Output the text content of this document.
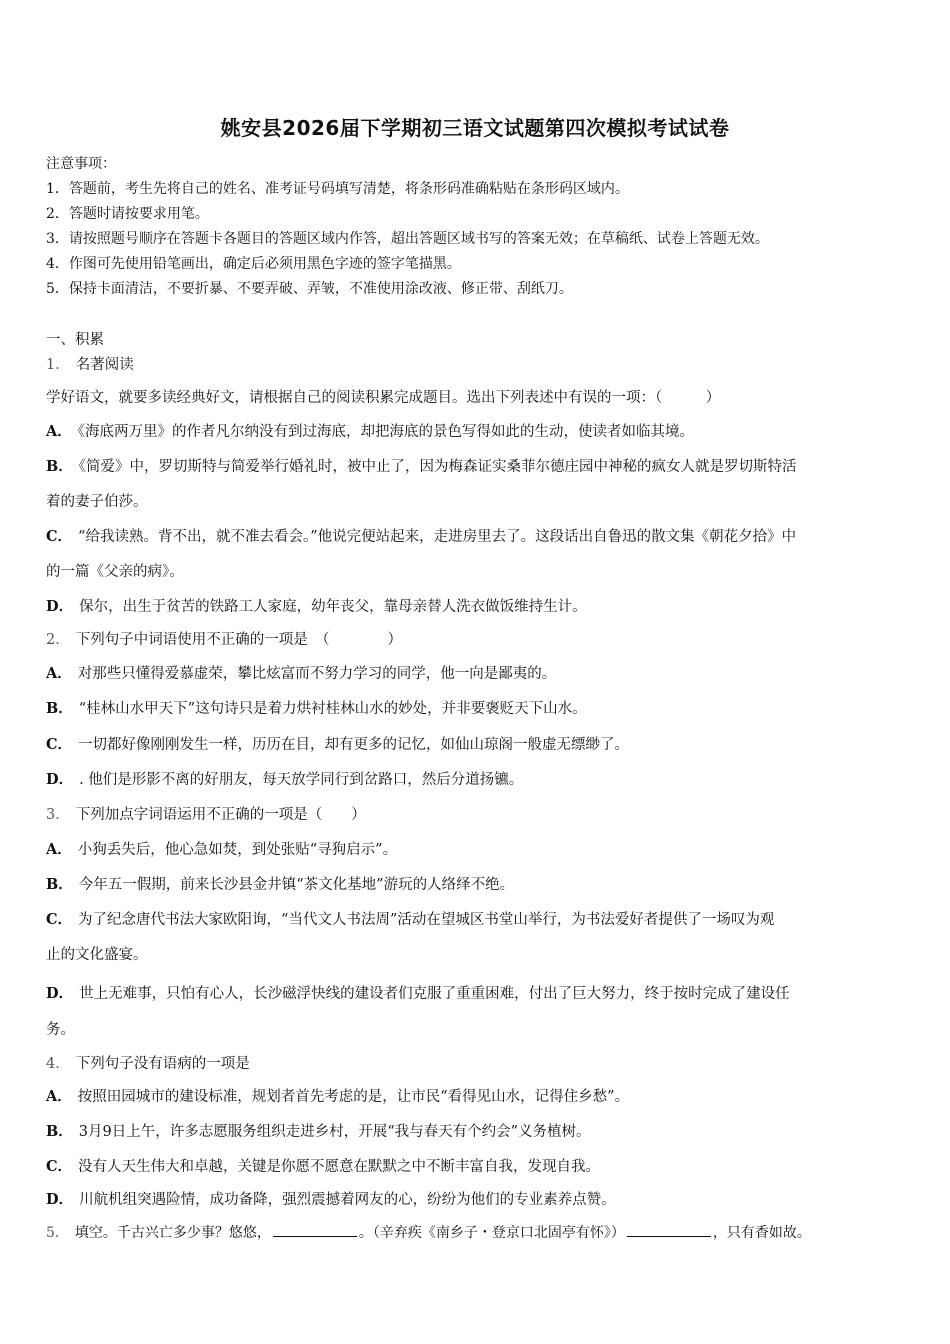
姚安县2026届下学期初三语文试题第四次模拟考试试卷
注意事项：
1．答题前，考生先将自己的姓名、准考证号码填写清楚，将条形码准确粘贴在条形码区域内。
2．答题时请按要求用笔。
3．请按照题号顺序在答题卡各题目的答题区域内作答，超出答题区域书写的答案无效；在草稿纸、试卷上答题无效。
4．作图可先使用铅笔画出，确定后必须用黑色字迹的签字笔描黑。
5．保持卡面清洁，不要折暴、不要弄破、弄皱，不准使用涂改液、修正带、刮纸刀。
一、积累
1． 名著阅读
学好语文，就要多读经典好文，请根据自己的阅读积累完成题目。选出下列表述中有误的一项：（　　　）
A． 《海底两万里》的作者凡尔纳没有到过海底，却把海底的景色写得如此的生动，使读者如临其境。
B． 《简爱》中，罗切斯特与简爱举行婚礼时，被中止了，因为梅森证实桑菲尔德庄园中神秘的疯女人就是罗切斯特活
着的妻子伯莎。
C． “给我读熟。背不出，就不准去看会。”他说完便站起来，走进房里去了。这段话出自鲁迅的散文集《朝花夕拾》中
的一篇《父亲的病》。
D． 保尔，出生于贫苦的铁路工人家庭，幼年丧父，靠母亲替人洗衣做饭维持生计。
2． 下列句子中词语使用不正确的一项是　（　　　　）
A． 对那些只懂得爱慕虚荣，攀比炫富而不努力学习的同学，他一向是鄙夷的。
B． “桂林山水甲天下”这句诗只是着力烘衬桂林山水的妙处，并非要褒贬天下山水。
C． 一切都好像刚刚发生一样，历历在目，却有更多的记忆，如仙山琼阁一般虚无缥缈了。
D． . 他们是形影不离的好朋友，每天放学同行到岔路口，然后分道扬镳。
3． 下列加点字词语运用不正确的一项是（　　）
A． 小狗丢失后，他心急如焚，到处张贴“寻狗启示”。
B． 今年五一假期，前来长沙县金井镇“茶文化基地”游玩的人络绎不绝。
C． 为了纪念唐代书法大家欧阳询，“当代文人书法周”活动在望城区书堂山举行，为书法爱好者提供了一场叹为观
止的文化盛宴。
D． 世上无难事，只怕有心人，长沙磁浮快线的建设者们克服了重重困难，付出了巨大努力，终于按时完成了建设任
务。
4． 下列句子没有语病的一项是
A． 按照田园城市的建设标准，规划者首先考虑的是，让市民“看得见山水，记得住乡愁”。
B． 3月9日上午，许多志愿服务组织走进乡村，开展“我与春天有个约会”义务植树。
C． 没有人天生伟大和卓越，关键是你愿不愿意在默默之中不断丰富自我，发现自我。
D． 川航机组突遇险情，成功备降，强烈震撼着网友的心，纷纷为他们的专业素养点赞。
5． 填空。千古兴亡多少事？悠悠，	。（辛弃疾《南乡子・登京口北固亭有怀》）	，只有香如故。
